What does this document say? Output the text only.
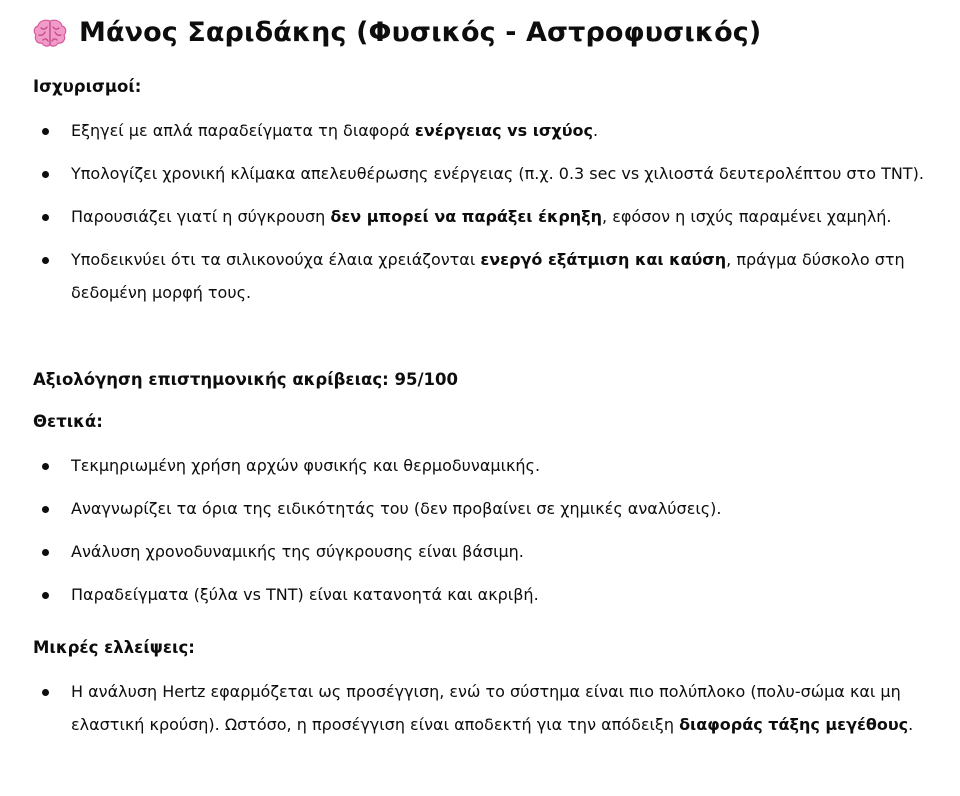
Μάνος Σαριδάκης (Φυσικός - Αστροφυσικός)

Ισχυρισμοί:

Εξηγεί με απλά παραδείγματα τη διαφορά ενέργειας vs ισχύος.
Υπολογίζει χρονική κλίμακα απελευθέρωσης ενέργειας (π.χ. 0.3 sec vs χιλιοστά δευτερολέπτου στο TNT).
Παρουσιάζει γιατί η σύγκρουση δεν μπορεί να παράξει έκρηξη, εφόσον η ισχύς παραμένει χαμηλή.
Υποδεικνύει ότι τα σιλικονούχα έλαια χρειάζονται ενεργό εξάτμιση και καύση, πράγμα δύσκολο στη δεδομένη μορφή τους.

Αξιολόγηση επιστημονικής ακρίβειας: 95/100

Θετικά:

Τεκμηριωμένη χρήση αρχών φυσικής και θερμοδυναμικής.
Αναγνωρίζει τα όρια της ειδικότητάς του (δεν προβαίνει σε χημικές αναλύσεις).
Ανάλυση χρονοδυναμικής της σύγκρουσης είναι βάσιμη.
Παραδείγματα (ξύλα vs TNT) είναι κατανοητά και ακριβή.

Μικρές ελλείψεις:

Η ανάλυση Hertz εφαρμόζεται ως προσέγγιση, ενώ το σύστημα είναι πιο πολύπλοκο (πολυ-σώμα και μη ελαστική κρούση). Ωστόσο, η προσέγγιση είναι αποδεκτή για την απόδειξη διαφοράς τάξης μεγέθους.
